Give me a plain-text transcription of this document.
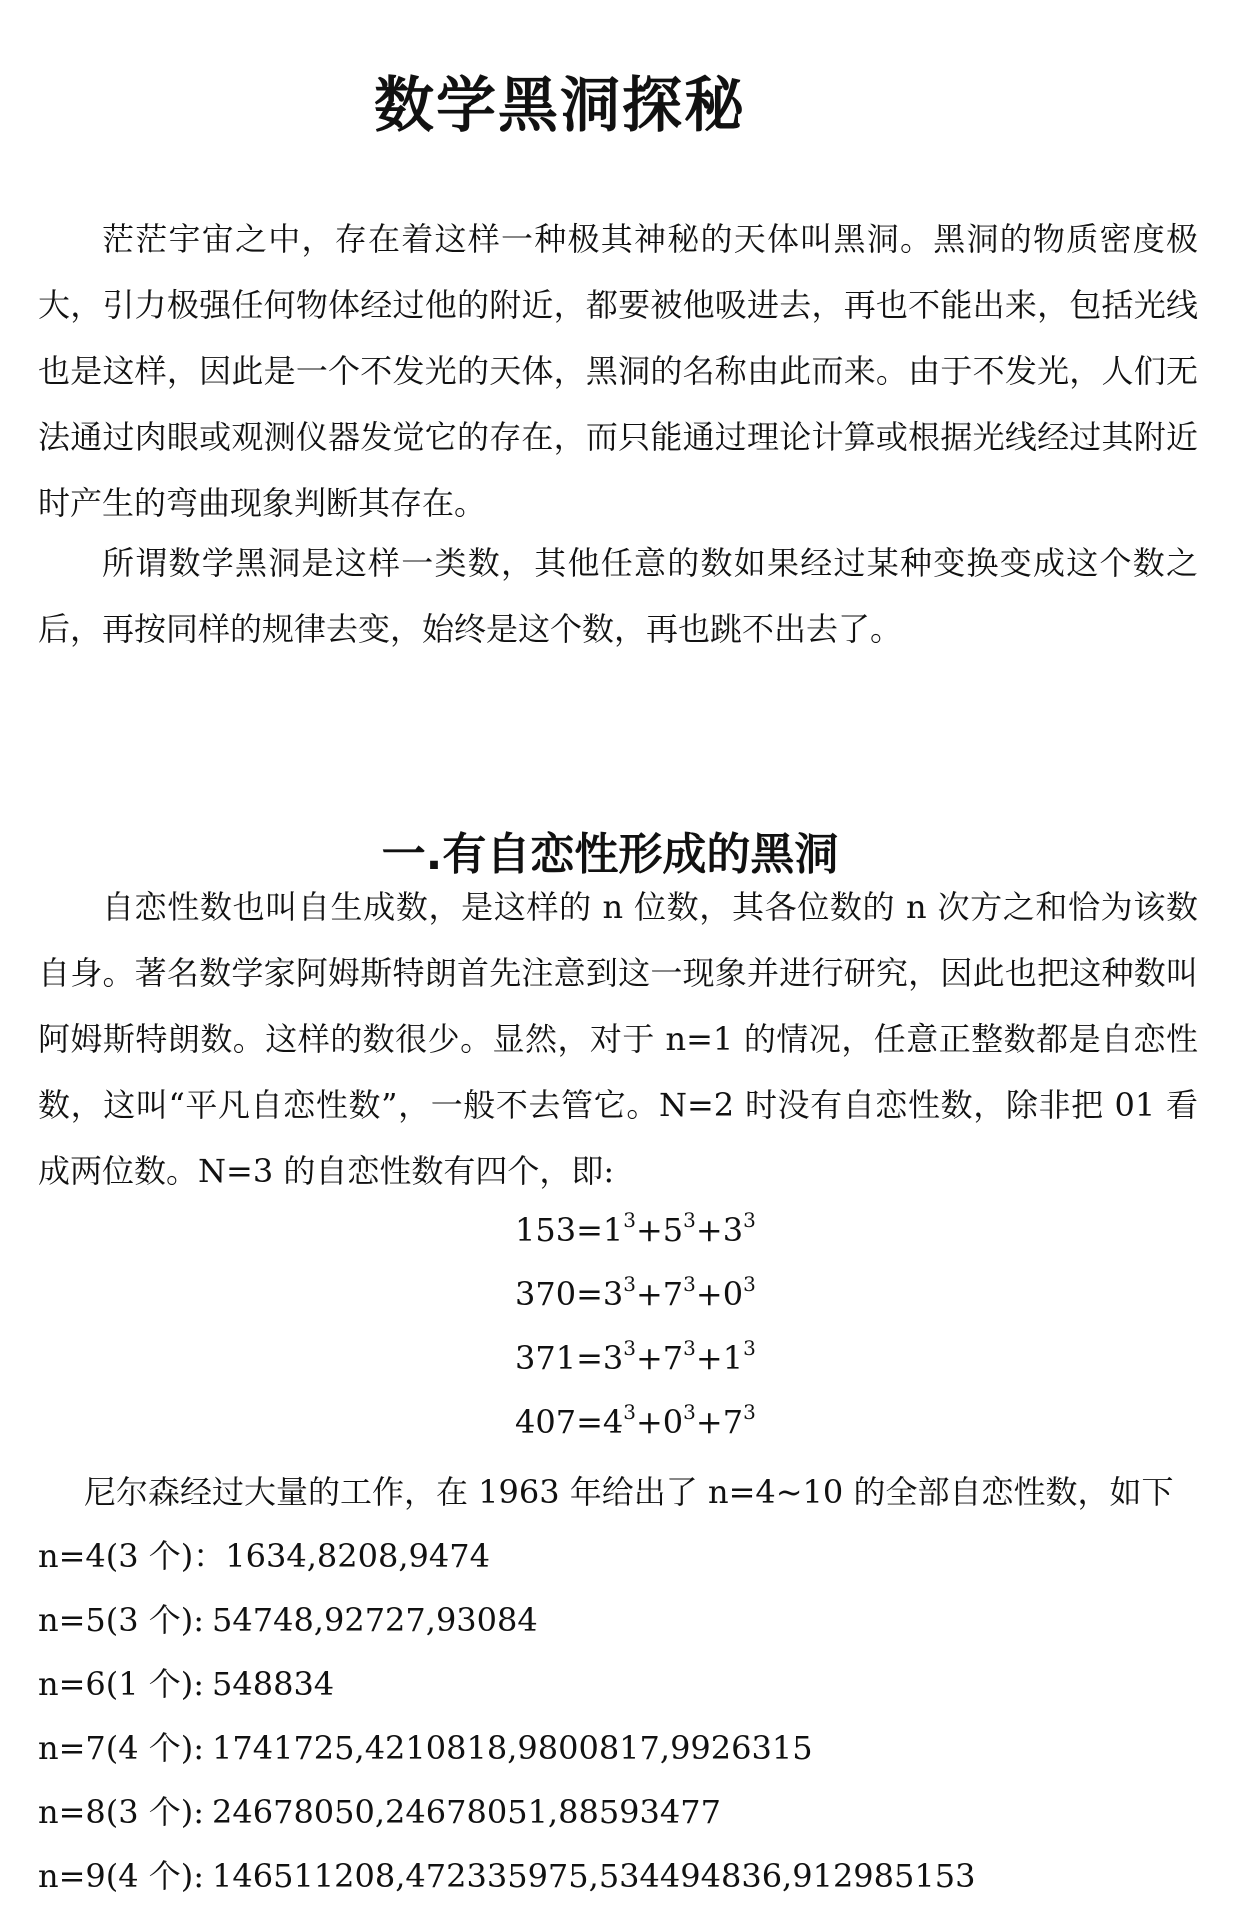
数学黑洞探秘

茫茫宇宙之中，存在着这样一种极其神秘的天体叫黑洞。黑洞的物质密度极大，引力极强任何物体经过他的附近，都要被他吸进去，再也不能出来，包括光线也是这样，因此是一个不发光的天体，黑洞的名称由此而来。由于不发光，人们无法通过肉眼或观测仪器发觉它的存在，而只能通过理论计算或根据光线经过其附近时产生的弯曲现象判断其存在。

所谓数学黑洞是这样一类数，其他任意的数如果经过某种变换变成这个数之后，再按同样的规律去变，始终是这个数，再也跳不出去了。

一.有自恋性形成的黑洞

自恋性数也叫自生成数，是这样的 n 位数，其各位数的 n 次方之和恰为该数自身。著名数学家阿姆斯特朗首先注意到这一现象并进行研究，因此也把这种数叫阿姆斯特朗数。这样的数很少。显然，对于 n=1 的情况，任意正整数都是自恋性数，这叫“平凡自恋性数”，一般不去管它。N=2 时没有自恋性数，除非把 01 看成两位数。N=3 的自恋性数有四个，即:

$153=1^3+5^3+3^3$
$370=3^3+7^3+0^3$
$371=3^3+7^3+1^3$
$407=4^3+0^3+7^3$
尼尔森经过大量的工作，在 1963 年给出了 n=4~10 的全部自恋性数，如下
n=4(3 个)：1634,8208,9474
n=5(3 个): 54748,92727,93084
n=6(1 个): 548834
n=7(4 个): 1741725,4210818,9800817,9926315
n=8(3 个): 24678050,24678051,88593477
n=9(4 个): 146511208,472335975,534494836,912985153
